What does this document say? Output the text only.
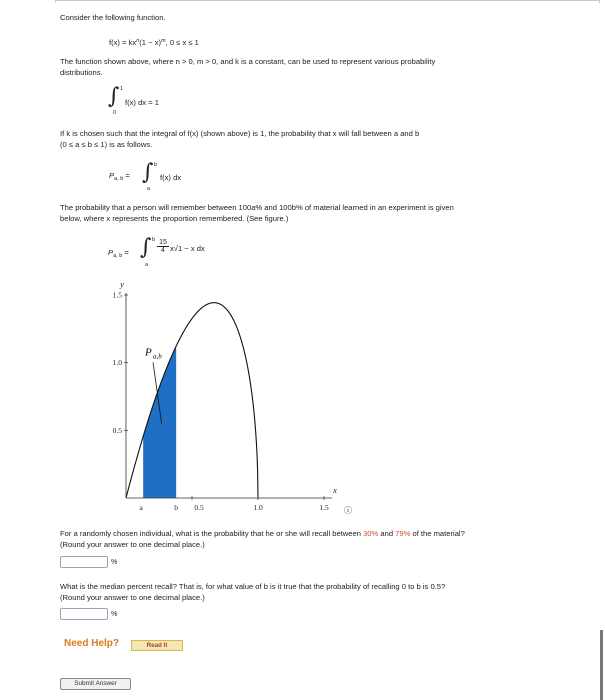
Consider the following function.
$f(x) = kx^n(1 - x)^m$, 0 ≤ x ≤ 1
The function shown above, where n > 0, m > 0, and k is a constant, can be used to represent various probability
distributions.
∫ 1
0
f(x) dx = 1
If k is chosen such that the integral of f(x) (shown above) is 1, the probability that x will fall between a and b
(0 ≤ a ≤ b ≤ 1) is as follows.
$P_{a, b}$ = ∫ b
a
f(x) dx
The probability that a person will remember between 100a% and 100b% of material learned in an experiment is given
below, where x represents the proportion remembered. (See figure.)
$P_{a, b}$ = ∫ b
a
15
4 x√1 − x dx
0.5
1.0
1.5
0.5	1.0	1.5
y
x
a	b
P a,b
ⓘ
For a randomly chosen individual, what is the probability that he or she will recall between 30% and 79% of the material?
(Round your answer to one decimal place.)
%
What is the median percent recall? That is, for what value of b is it true that the probability of recalling 0 to b is 0.5?
(Round your answer to one decimal place.)
%
Need Help?	Read It
Submit Answer
